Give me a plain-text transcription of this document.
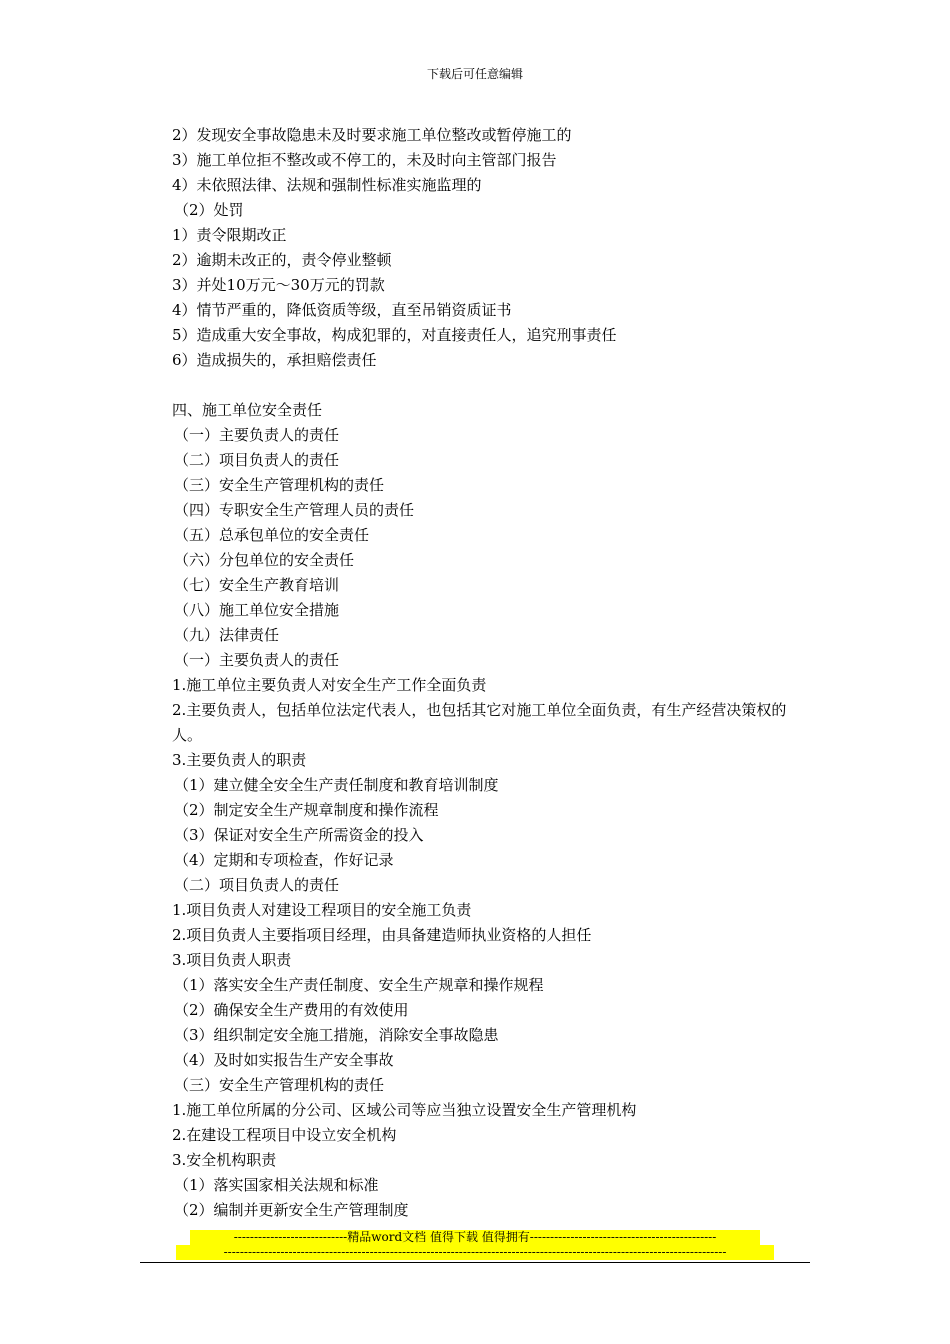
下载后可任意编辑
2）发现安全事故隐患未及时要求施工单位整改或暂停施工的
3）施工单位拒不整改或不停工的，未及时向主管部门报告
4）未依照法律、法规和强制性标准实施监理的
（2）处罚
1）责令限期改正
2）逾期未改正的，责令停业整顿
3）并处10万元～30万元的罚款
4）情节严重的，降低资质等级，直至吊销资质证书
5）造成重大安全事故，构成犯罪的，对直接责任人，追究刑事责任
6）造成损失的，承担赔偿责任
四、施工单位安全责任
（一）主要负责人的责任
（二）项目负责人的责任
（三）安全生产管理机构的责任
（四）专职安全生产管理人员的责任
（五）总承包单位的安全责任
（六）分包单位的安全责任
（七）安全生产教育培训
（八）施工单位安全措施
（九）法律责任
（一）主要负责人的责任
1.施工单位主要负责人对安全生产工作全面负责
2.主要负责人，包括单位法定代表人，也包括其它对施工单位全面负责，有生产经营决策权的人。
3.主要负责人的职责
（1）建立健全安全生产责任制度和教育培训制度
（2）制定安全生产规章制度和操作流程
（3）保证对安全生产所需资金的投入
（4）定期和专项检查，作好记录
（二）项目负责人的责任
1.项目负责人对建设工程项目的安全施工负责
2.项目负责人主要指项目经理，由具备建造师执业资格的人担任
3.项目负责人职责
（1）落实安全生产责任制度、安全生产规章和操作规程
（2）确保安全生产费用的有效使用
（3）组织制定安全施工措施，消除安全事故隐患
（4）及时如实报告生产安全事故
（三）安全生产管理机构的责任
1.施工单位所属的分公司、区域公司等应当独立设置安全生产管理机构
2.在建设工程项目中设立安全机构
3.安全机构职责
（1）落实国家相关法规和标准
（2）编制并更新安全生产管理制度
----------------------------精品word文档 值得下载 值得拥有----------------------------------------------
----------------------------------------------------------------------------------------------------------------------------
